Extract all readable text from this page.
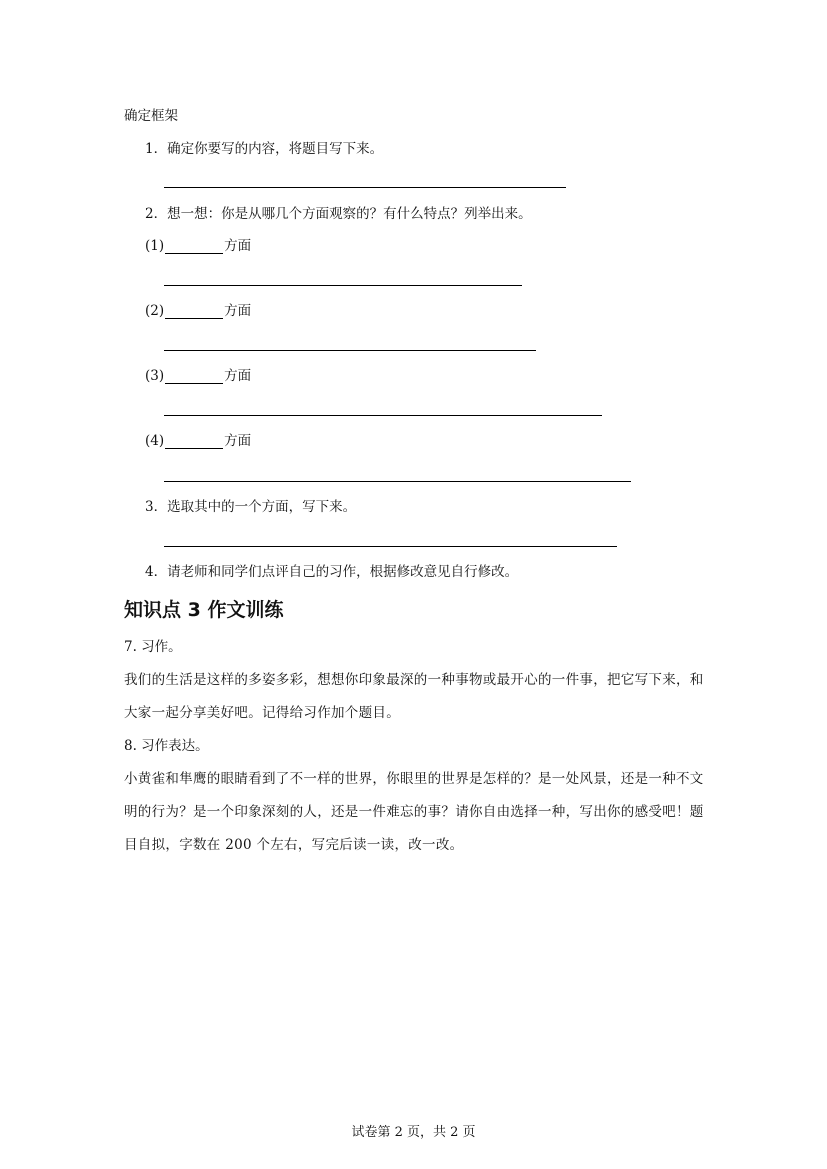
确定框架
1．确定你要写的内容，将题目写下来。
2．想一想：你是从哪几个方面观察的？有什么特点？列举出来。
(1)	方面
(2)	方面
(3)	方面
(4)	方面
3．选取其中的一个方面，写下来。
4．请老师和同学们点评自己的习作，根据修改意见自行修改。
知识点 3 作文训练
7. 习作。
我们的生活是这样的多姿多彩，想想你印象最深的一种事物或最开心的一件事，把它写下来，和大家一起分享美好吧。记得给习作加个题目。
8. 习作表达。
小黄雀和隼鹰的眼睛看到了不一样的世界，你眼里的世界是怎样的？是一处风景，还是一种不文明的行为？是一个印象深刻的人，还是一件难忘的事？请你自由选择一种，写出你的感受吧！题目自拟，字数在 200 个左右，写完后读一读，改一改。
试卷第 2 页，共 2 页
